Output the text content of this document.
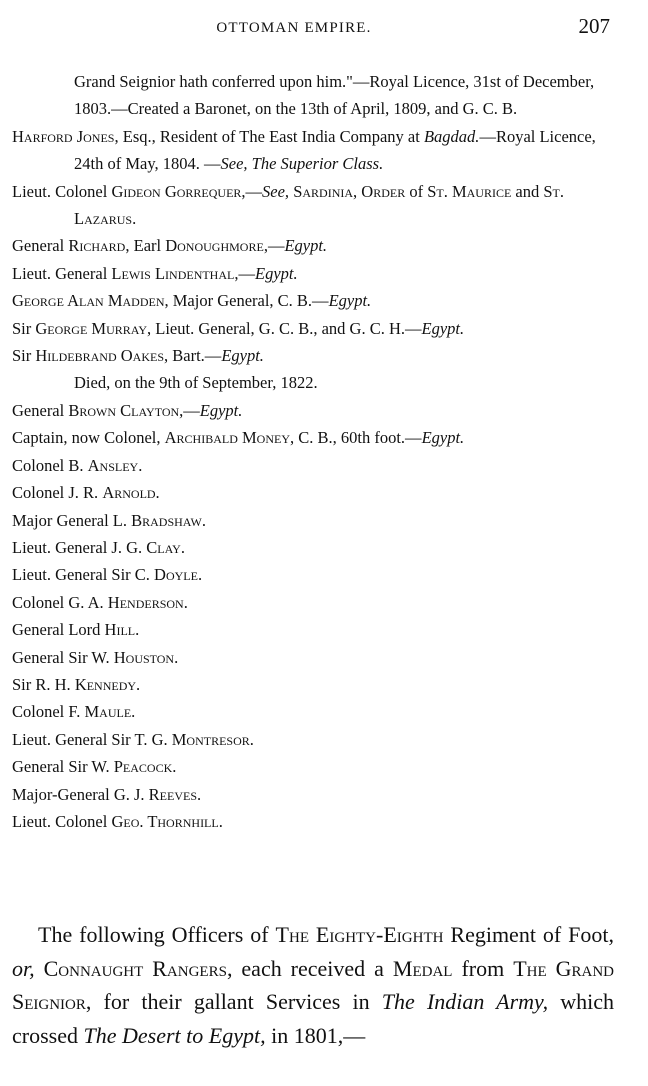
OTTOMAN EMPIRE.	207

Grand Seignior hath conferred upon him."—Royal Licence, 31st of December, 1803.—Created a Baronet, on the 13th of April, 1809, and G. C. B.

Harford Jones, Esq., Resident of The East India Company at Bagdad.—Royal Licence, 24th of May, 1804. —See, The Superior Class.

Lieut. Colonel Gideon Gorrequer,—See, Sardinia, Order of St. Maurice and St. Lazarus.

General Richard, Earl Donoughmore,—Egypt.

Lieut. General Lewis Lindenthal,—Egypt.

George Alan Madden, Major General, C. B.—Egypt.

Sir George Murray, Lieut. General, G. C. B., and G. C. H.—Egypt.

Sir Hildebrand Oakes, Bart.—Egypt.

Died, on the 9th of September, 1822.

General Brown Clayton,—Egypt.

Captain, now Colonel, Archibald Money, C. B., 60th foot.—Egypt.

Colonel B. Ansley.

Colonel J. R. Arnold.

Major General L. Bradshaw.

Lieut. General J. G. Clay.

Lieut. General Sir C. Doyle.

Colonel G. A. Henderson.

General Lord Hill.

General Sir W. Houston.

Sir R. H. Kennedy.

Colonel F. Maule.

Lieut. General Sir T. G. Montresor.

General Sir W. Peacock.

Major-General G. J. Reeves.

Lieut. Colonel Geo. Thornhill.

The following Officers of The Eighty-Eighth Regiment of Foot, or, Connaught Rangers, each received a Medal from The Grand Seignior, for their gallant Services in The Indian Army, which crossed The Desert to Egypt, in 1801,—
